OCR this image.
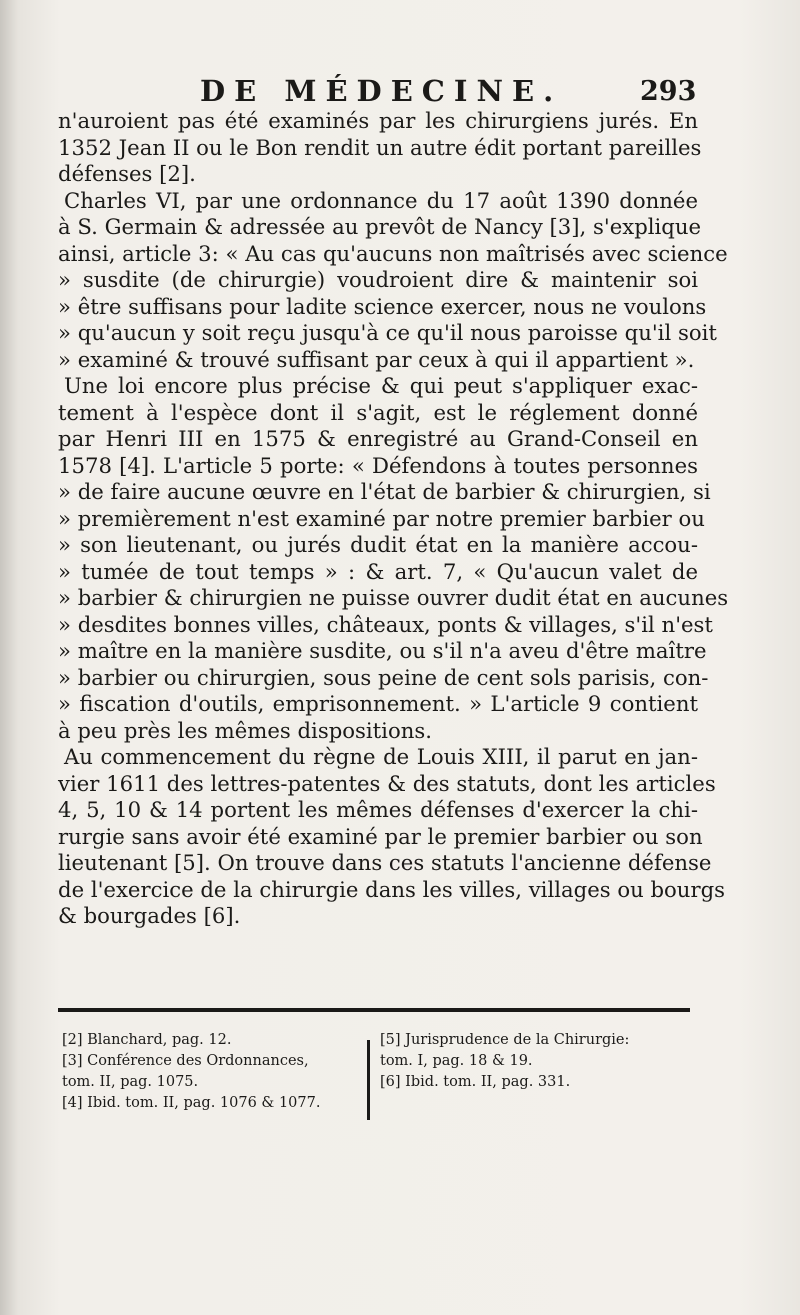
DE MÉDECINE.	293
n'auroient pas été examinés par les chirurgiens jurés. En
1352 Jean II ou le Bon rendit un autre édit portant pareilles
défenses [2].
Charles VI, par une ordonnance du 17 août 1390 donnée
à S. Germain & adressée au prevôt de Nancy [3], s'explique
ainsi, article 3: « Au cas qu'aucuns non maîtrisés avec science
» susdite (de chirurgie) voudroient dire & maintenir soi
» être suffisans pour ladite science exercer, nous ne voulons
» qu'aucun y soit reçu jusqu'à ce qu'il nous paroisse qu'il soit
» examiné & trouvé suffisant par ceux à qui il appartient ».
Une loi encore plus précise & qui peut s'appliquer exac-
tement à l'espèce dont il s'agit, est le réglement donné
par Henri III en 1575 & enregistré au Grand-Conseil en
1578 [4]. L'article 5 porte: « Défendons à toutes personnes
» de faire aucune œuvre en l'état de barbier & chirurgien, si
» premièrement n'est examiné par notre premier barbier ou
» son lieutenant, ou jurés dudit état en la manière accou-
» tumée de tout temps » : & art. 7, « Qu'aucun valet de
» barbier & chirurgien ne puisse ouvrer dudit état en aucunes
» desdites bonnes villes, châteaux, ponts & villages, s'il n'est
» maître en la manière susdite, ou s'il n'a aveu d'être maître
» barbier ou chirurgien, sous peine de cent sols parisis, con-
» fiscation d'outils, emprisonnement. » L'article 9 contient
à peu près les mêmes dispositions.
Au commencement du règne de Louis XIII, il parut en jan-
vier 1611 des lettres-patentes & des statuts, dont les articles
4, 5, 10 & 14 portent les mêmes défenses d'exercer la chi-
rurgie sans avoir été examiné par le premier barbier ou son
lieutenant [5]. On trouve dans ces statuts l'ancienne défense
de l'exercice de la chirurgie dans les villes, villages ou bourgs
& bourgades [6].
[2] Blanchard, pag. 12.
[3] Conférence des Ordonnances,
tom. II, pag. 1075.
[4] Ibid. tom. II, pag. 1076 & 1077.
[5] Jurisprudence de la Chirurgie:
tom. I, pag. 18 & 19.
[6] Ibid. tom. II, pag. 331.
